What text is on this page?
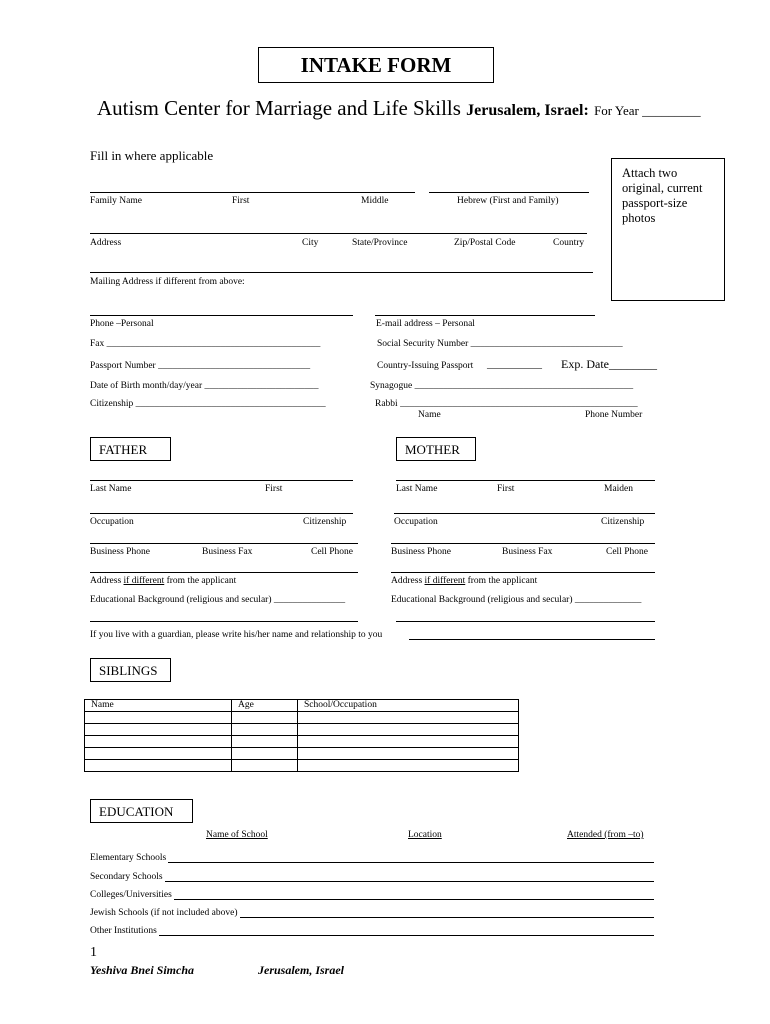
INTAKE FORM
Autism Center for Marriage and Life Skills Jerusalem, Israel: For Year _________
Fill in where applicable
Attach two original, current passport-size photos
Family Name	First	Middle	Hebrew (First and Family)
Address	City	State/Province	Zip/Postal Code	Country
Mailing Address if different from above:
Phone –Personal	E-mail address – Personal
Fax _____________________________________________	Social Security Number ________________________________
Passport Number ________________________________	Country-Issuing Passport ___________ Exp. Date________
Date of Birth month/day/year ________________________	Synagogue ______________________________________________
Citizenship ________________________________________	Rabbi __________________________________________________
Name	Phone Number
FATHER	MOTHER
Last Name	First
Occupation	Citizenship
Business Phone	Business Fax	Cell Phone
Address if different from the applicant
Educational Background (religious and secular) _______________
Last Name	First	Maiden
Occupation	Citizenship
Business Phone	Business Fax	Cell Phone
Address if different from the applicant
Educational Background (religious and secular) ______________
If you live with a guardian, please write his/her name and relationship to you
SIBLINGS
Name	Age	School/Occupation

EDUCATION
Name of School	Location	Attended (from –to)
Elementary Schools
Secondary Schools
Colleges/Universities
Jewish Schools (if not included above)
Other Institutions
1
Yeshiva Bnei Simcha	Jerusalem, Israel
